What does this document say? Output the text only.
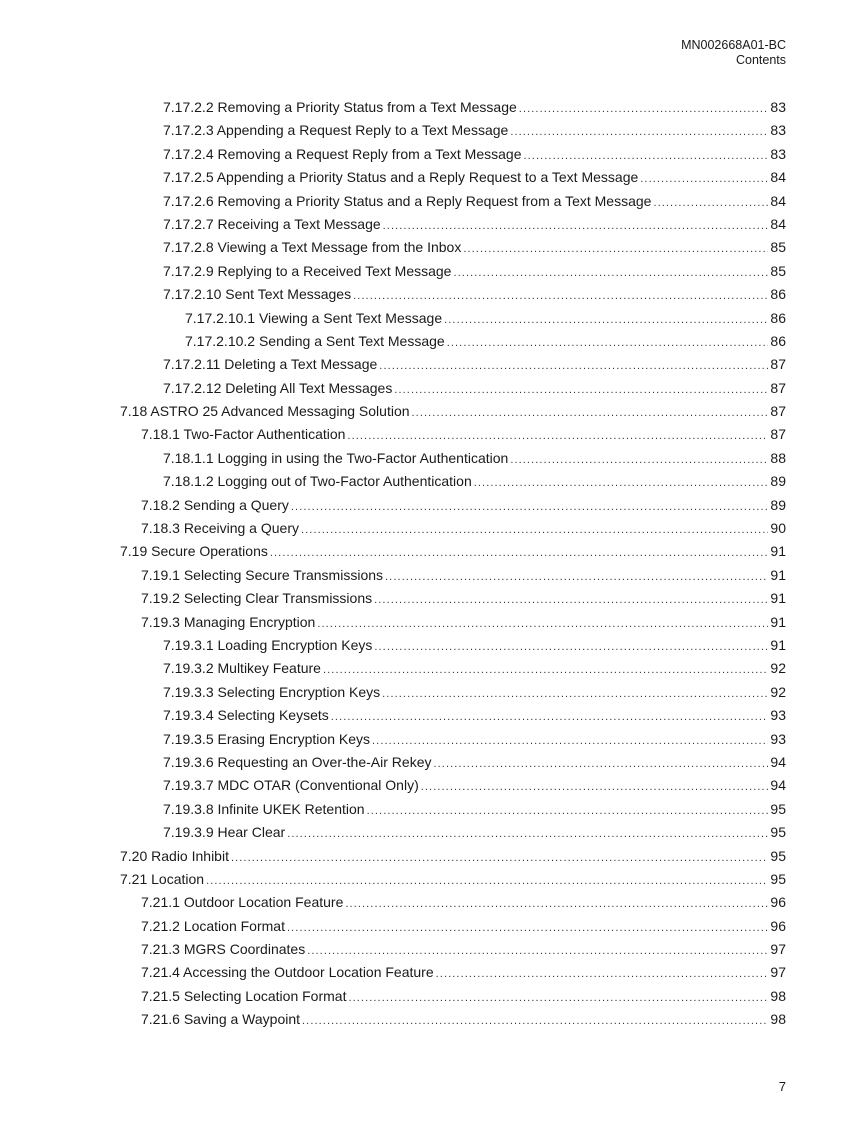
MN002668A01-BC
Contents
7.17.2.2 Removing a Priority Status from a Text Message .....	83
7.17.2.3 Appending a Request Reply to a Text Message .....	83
7.17.2.4 Removing a Request Reply from a Text Message .....	83
7.17.2.5 Appending a Priority Status and a Reply Request to a Text Message .....	84
7.17.2.6 Removing a Priority Status and a Reply Request from a Text Message .....	84
7.17.2.7 Receiving a Text Message .....	84
7.17.2.8 Viewing a Text Message from the Inbox .....	85
7.17.2.9 Replying to a Received Text Message .....	85
7.17.2.10 Sent Text Messages .....	86
7.17.2.10.1 Viewing a Sent Text Message .....	86
7.17.2.10.2 Sending a Sent Text Message .....	86
7.17.2.11 Deleting a Text Message .....	87
7.17.2.12 Deleting All Text Messages .....	87
7.18 ASTRO 25 Advanced Messaging Solution .....	87
7.18.1 Two-Factor Authentication .....	87
7.18.1.1 Logging in using the Two-Factor Authentication .....	88
7.18.1.2 Logging out of Two-Factor Authentication .....	89
7.18.2 Sending a Query .....	89
7.18.3 Receiving a Query .....	90
7.19 Secure Operations .....	91
7.19.1 Selecting Secure Transmissions .....	91
7.19.2 Selecting Clear Transmissions .....	91
7.19.3 Managing Encryption .....	91
7.19.3.1 Loading Encryption Keys .....	91
7.19.3.2 Multikey Feature .....	92
7.19.3.3 Selecting Encryption Keys .....	92
7.19.3.4 Selecting Keysets .....	93
7.19.3.5 Erasing Encryption Keys .....	93
7.19.3.6 Requesting an Over-the-Air Rekey .....	94
7.19.3.7 MDC OTAR (Conventional Only) .....	94
7.19.3.8 Infinite UKEK Retention .....	95
7.19.3.9 Hear Clear .....	95
7.20 Radio Inhibit .....	95
7.21 Location .....	95
7.21.1 Outdoor Location Feature .....	96
7.21.2 Location Format .....	96
7.21.3 MGRS Coordinates .....	97
7.21.4 Accessing the Outdoor Location Feature .....	97
7.21.5 Selecting Location Format .....	98
7.21.6 Saving a Waypoint .....	98
7
